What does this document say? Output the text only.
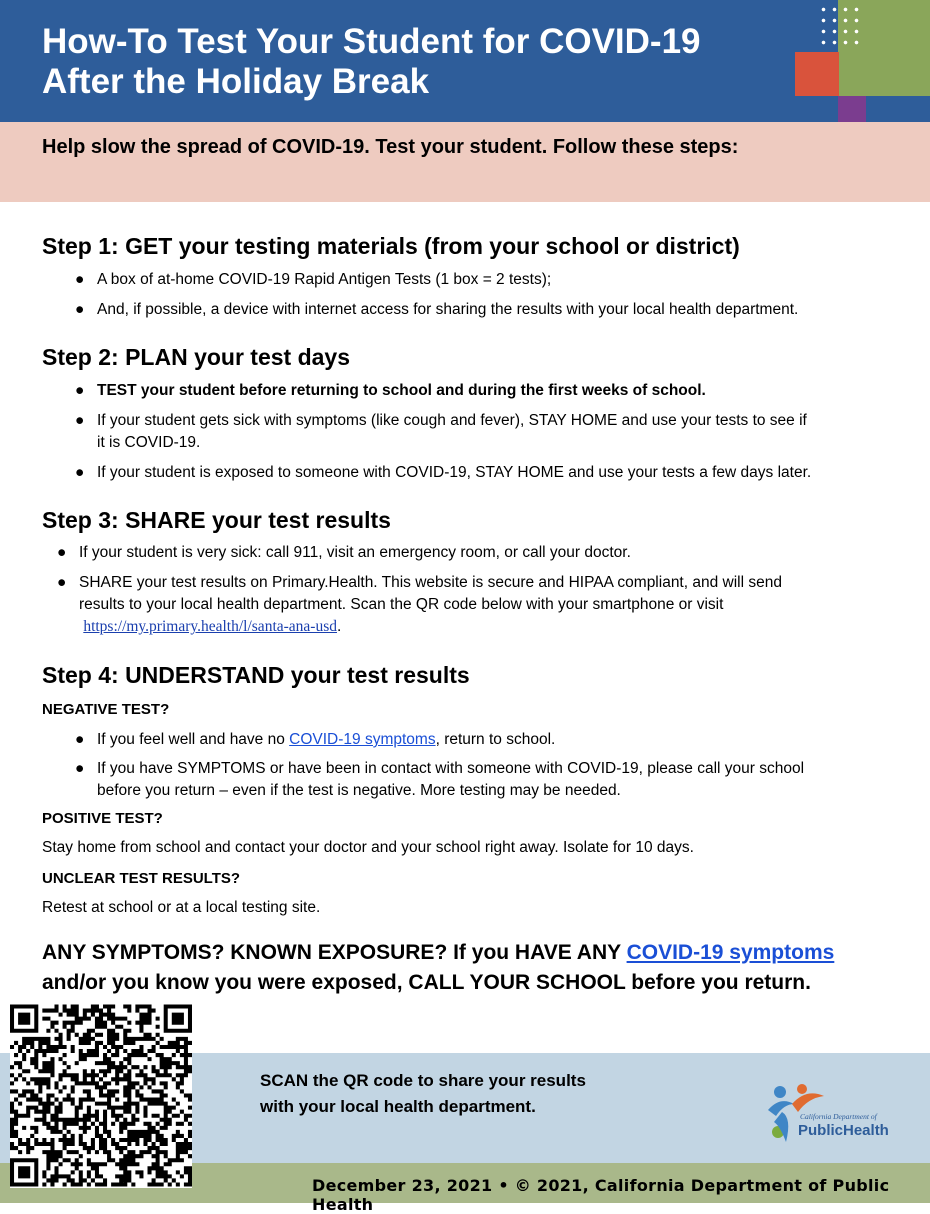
How-To Test Your Student for COVID-19
After the Holiday Break

Help slow the spread of COVID-19. Test your student. Follow these steps:

Step 1: GET your testing materials (from your school or district)
● A box of at-home COVID-19 Rapid Antigen Tests (1 box = 2 tests);
● And, if possible, a device with internet access for sharing the results with your local health department.
Step 2: PLAN your test days
● TEST your student before returning to school and during the first weeks of school.
● If your student gets sick with symptoms (like cough and fever), STAY HOME and use your tests to see if
it is COVID-19.
● If your student is exposed to someone with COVID-19, STAY HOME and use your tests a few days later.
Step 3: SHARE your test results
● If your student is very sick: call 911, visit an emergency room, or call your doctor.
● SHARE your test results on Primary.Health. This website is secure and HIPAA compliant, and will send
results to your local health department. Scan the QR code below with your smartphone or visit
https://my.primary.health/l/santa-ana-usd.
Step 4: UNDERSTAND your test results

NEGATIVE TEST?

● If you feel well and have no COVID-19 symptoms, return to school.
● If you have SYMPTOMS or have been in contact with someone with COVID-19, please call your school
before you return – even if the test is negative. More testing may be needed.

POSITIVE TEST?

Stay home from school and contact your doctor and your school right away. Isolate for 10 days.

UNCLEAR TEST RESULTS?

Retest at school or at a local testing site.

ANY SYMPTOMS? KNOWN EXPOSURE? If you HAVE ANY COVID-19 symptoms
and/or you know you were exposed, CALL YOUR SCHOOL before you return.

SCAN the QR code to share your results
with your local health department.

December 23, 2021 • © 2021, California Department of Public Health

California Department of
PublicHealth
